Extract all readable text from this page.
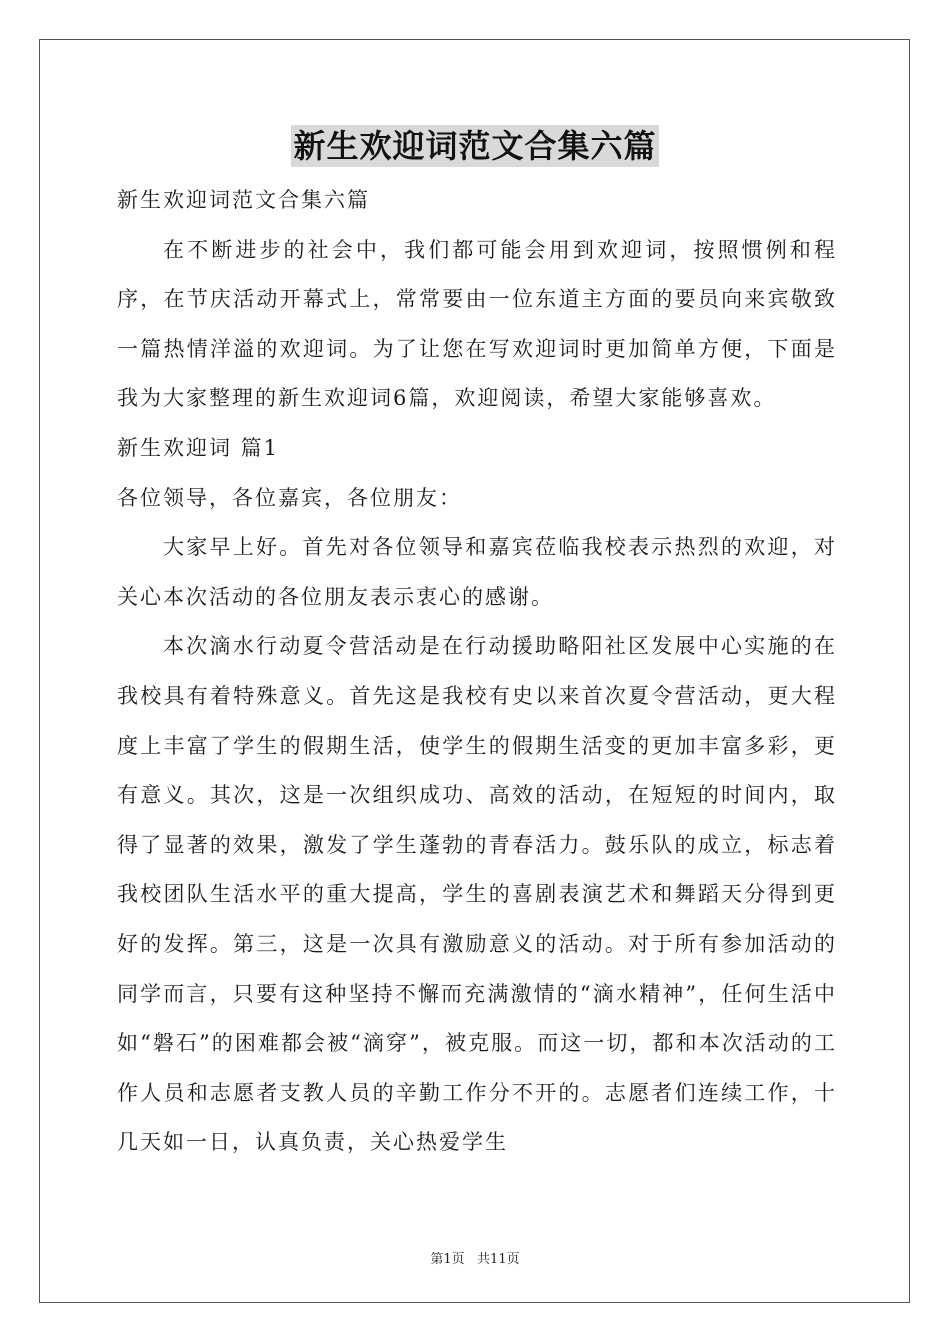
新生欢迎词范文合集六篇

新生欢迎词范文合集六篇

在不断进步的社会中，我们都可能会用到欢迎词，按照惯例和程序，在节庆活动开幕式上，常常要由一位东道主方面的要员向来宾敬致一篇热情洋溢的欢迎词。为了让您在写欢迎词时更加简单方便，下面是我为大家整理的新生欢迎词6篇，欢迎阅读，希望大家能够喜欢。

新生欢迎词 篇1

各位领导，各位嘉宾，各位朋友：

大家早上好。首先对各位领导和嘉宾莅临我校表示热烈的欢迎，对关心本次活动的各位朋友表示衷心的感谢。

本次滴水行动夏令营活动是在行动援助略阳社区发展中心实施的在我校具有着特殊意义。首先这是我校有史以来首次夏令营活动，更大程度上丰富了学生的假期生活，使学生的假期生活变的更加丰富多彩，更有意义。其次，这是一次组织成功、高效的活动，在短短的时间内，取得了显著的效果，激发了学生蓬勃的青春活力。鼓乐队的成立，标志着我校团队生活水平的重大提高，学生的喜剧表演艺术和舞蹈天分得到更好的发挥。第三，这是一次具有激励意义的活动。对于所有参加活动的同学而言，只要有这种坚持不懈而充满激情的“滴水精神”，任何生活中如“磐石”的困难都会被“滴穿”，被克服。而这一切，都和本次活动的工作人员和志愿者支教人员的辛勤工作分不开的。志愿者们连续工作，十几天如一日，认真负责，关心热爱学生

第1页   共11页
